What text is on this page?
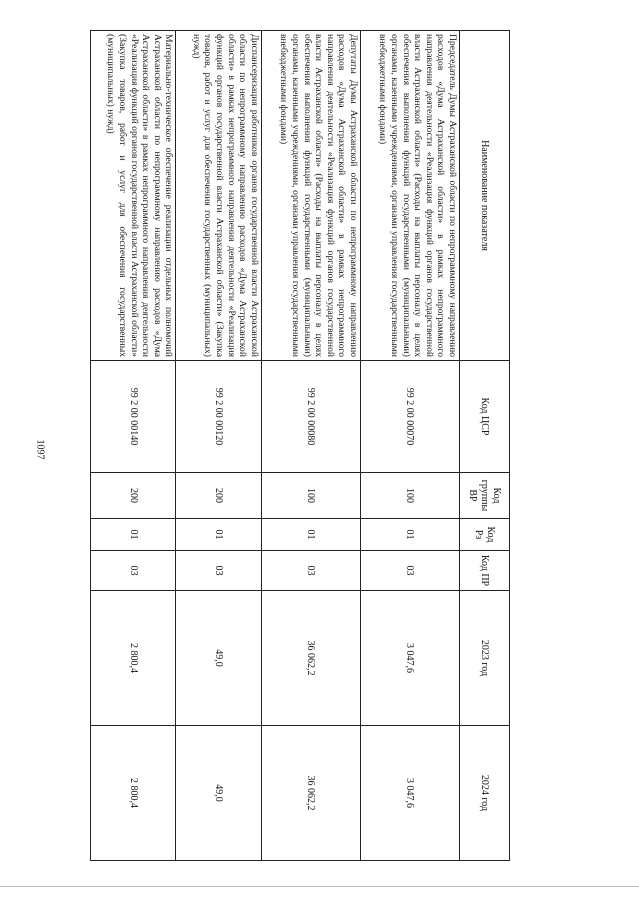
1097
Наименование показателя	Код ЦСР	Код группы ВР	Код Рз	Код ПР	2023 год	2024 год
Председатель Думы Астраханской области по непрограммному направлению расходов «Дума Астраханской области» в рамках непрограммного направления деятельности «Реализация функций органов государственной власти Астраханской области» (Расходы на выплаты персоналу в целях обеспечения выполнения функций государственными (муниципальными) органами, казенными учреждениями, органами управления государственными внебюджетными фондами)	99 2 00 00070	100	01	03	3 047,6	3 047,6
Депутаты Думы Астраханской области по непрограммному направлению расходов «Дума Астраханской области» в рамках непрограммного направления деятельности «Реализация функций органов государственной власти Астраханской области» (Расходы на выплаты персоналу в целях обеспечения выполнения функций государственными (муниципальными) органами, казенными учреждениями, органами управления государственными внебюджетными фондами)	99 2 00 00080	100	01	03	36 062,2	36 062,2
Диспансеризация работников органов государственной власти Астраханской области по непрограммному направлению расходов «Дума Астраханской области» в рамках непрограммного направления деятельности «Реализация функций органов государственной власти Астраханской области» (Закупка товаров, работ и услуг для обеспечения государственных (муниципальных) нужд)	99 2 00 00120	200	01	03	49,0	49,0
Материально-техническое обеспечение реализации отдельных полномочий Астраханской области по непрограммному направлению расходов «Дума Астраханской области» в рамках непрограммного направления деятельности «Реализация функций органов государственной власти Астраханской области» (Закупка товаров, работ и услуг для обеспечения государственных (муниципальных) нужд)	99 2 00 00140	200	01	03	2 800,4	2 800,4
